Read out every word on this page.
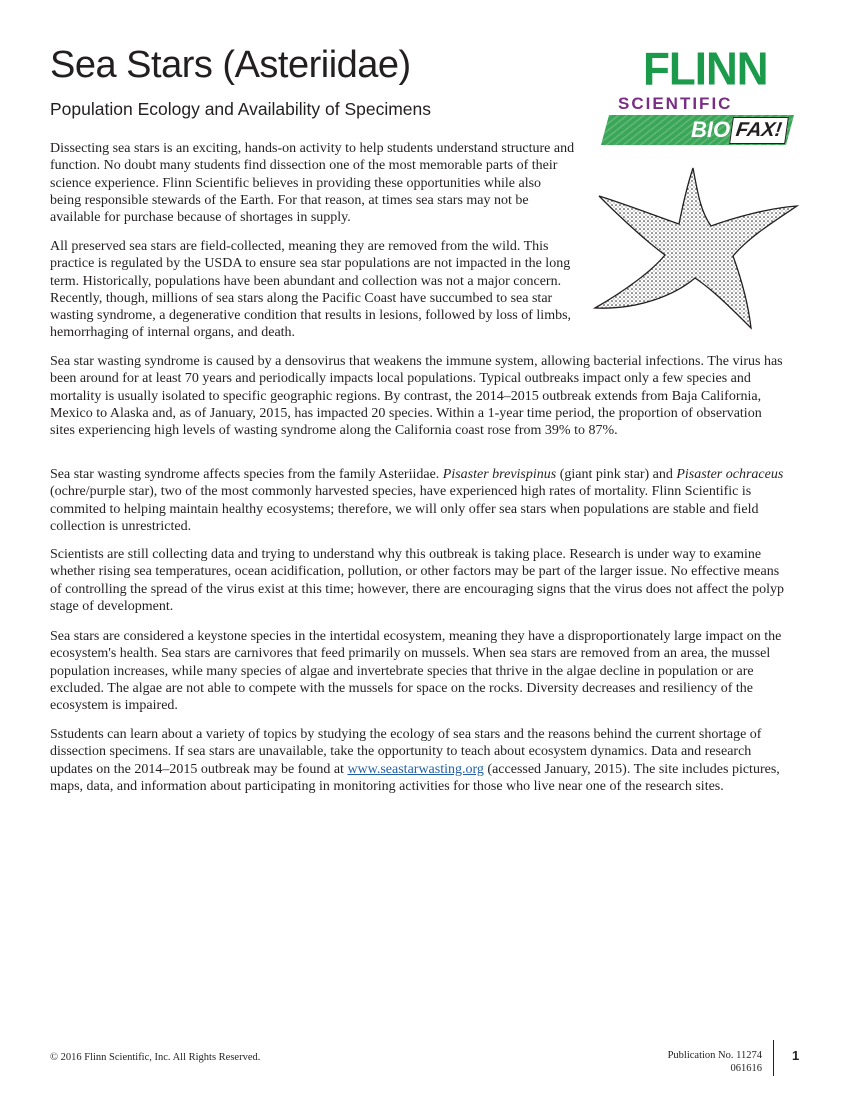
Sea Stars (Asteriidae)
Population Ecology and Availability of Specimens
FLINN
SCIENTIFIC
BIO FAX!

Dissecting sea stars is an exciting, hands-on activity to help students understand structure and function. No doubt many students find dissection one of the most memorable parts of their science experience. Flinn Scientific believes in providing these opportunities while also being responsible stewards of the Earth. For that reason, at times sea stars may not be available for purchase because of shortages in supply.

All preserved sea stars are field-collected, meaning they are removed from the wild. This practice is regulated by the USDA to ensure sea star populations are not impacted in the long term. Historically, populations have been abundant and collection was not a major concern. Recently, though, millions of sea stars along the Pacific Coast have succumbed to sea star wasting syndrome, a degenerative condition that results in lesions, followed by loss of limbs, hemorrhaging of internal organs, and death.

Sea star wasting syndrome is caused by a densovirus that weakens the immune system, allowing bacterial infections. The virus has been around for at least 70 years and periodically impacts local populations. Typical outbreaks impact only a few species and mortality is usually isolated to specific geographic regions. By contrast, the 2014–2015 outbreak extends from Baja California, Mexico to Alaska and, as of January, 2015, has impacted 20 species. Within a 1-year time period, the proportion of observation sites experiencing high levels of wasting syndrome along the California coast rose from 39% to 87%.

Sea star wasting syndrome affects species from the family Asteriidae. Pisaster brevispinus (giant pink star) and Pisaster ochraceus (ochre/purple star), two of the most commonly harvested species, have experienced high rates of mortality. Flinn Scientific is commited to helping maintain healthy ecosystems; therefore, we will only offer sea stars when populations are stable and field collection is unrestricted.

Scientists are still collecting data and trying to understand why this outbreak is taking place. Research is under way to examine whether rising sea temperatures, ocean acidification, pollution, or other factors may be part of the larger issue. No effective means of controlling the spread of the virus exist at this time; however, there are encouraging signs that the virus does not affect the polyp stage of development.

Sea stars are considered a keystone species in the intertidal ecosystem, meaning they have a disproportionately large impact on the ecosystem's health. Sea stars are carnivores that feed primarily on mussels. When sea stars are removed from an area, the mussel population increases, while many species of algae and invertebrate species that thrive in the algae decline in population or are excluded. The algae are not able to compete with the mussels for space on the rocks. Diversity decreases and resiliency of the ecosystem is impaired.

Sstudents can learn about a variety of topics by studying the ecology of sea stars and the reasons behind the current shortage of dissection specimens. If sea stars are unavailable, take the opportunity to teach about ecosystem dynamics. Data and research updates on the 2014–2015 outbreak may be found at www.seastarwasting.org (accessed January, 2015). The site includes pictures, maps, data, and information about participating in monitoring activities for those who live near one of the research sites.

© 2016 Flinn Scientific, Inc. All Rights Reserved.	Publication No. 11274
061616
1
